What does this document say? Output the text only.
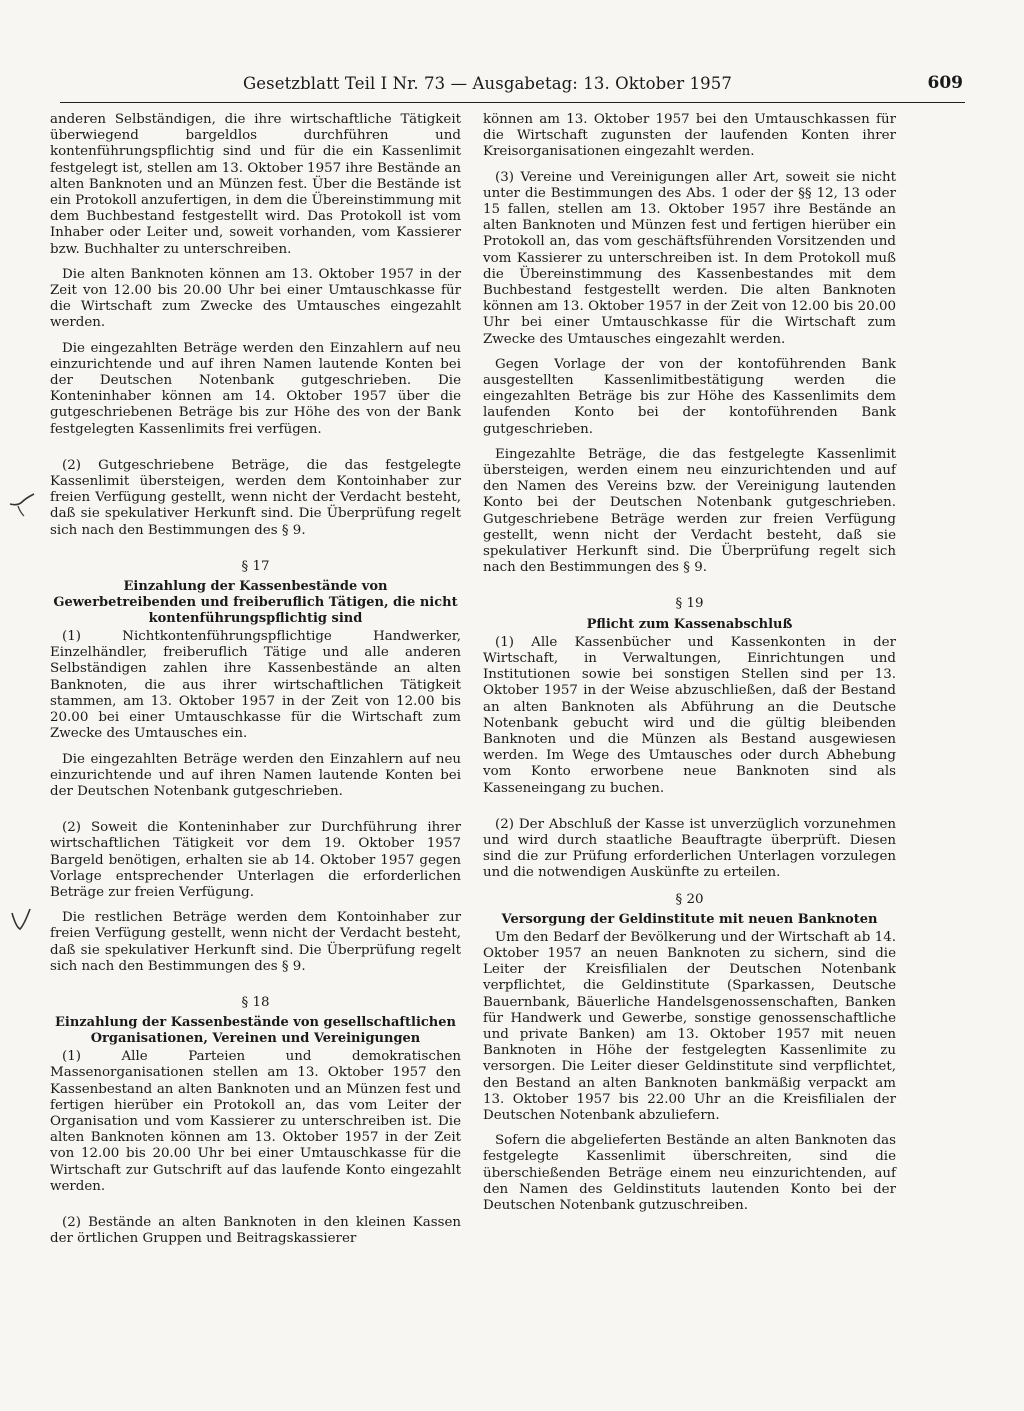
Gesetzblatt Teil I Nr. 73 — Ausgabetag: 13. Oktober 1957	609

anderen Selbständigen, die ihre wirtschaftliche Tätigkeit überwiegend bargeldlos durchführen und kontenführungspflichtig sind und für die ein Kassenlimit festgelegt ist, stellen am 13. Oktober 1957 ihre Bestände an alten Banknoten und an Münzen fest. Über die Bestände ist ein Protokoll anzufertigen, in dem die Übereinstimmung mit dem Buchbestand festgestellt wird. Das Protokoll ist vom Inhaber oder Leiter und, soweit vorhanden, vom Kassierer bzw. Buchhalter zu unterschreiben.

Die alten Banknoten können am 13. Oktober 1957 in der Zeit von 12.00 bis 20.00 Uhr bei einer Umtauschkasse für die Wirtschaft zum Zwecke des Umtausches eingezahlt werden.

Die eingezahlten Beträge werden den Einzahlern auf neu einzurichtende und auf ihren Namen lautende Konten bei der Deutschen Notenbank gutgeschrieben. Die Konteninhaber können am 14. Oktober 1957 über die gutgeschriebenen Beträge bis zur Höhe des von der Bank festgelegten Kassenlimits frei verfügen.

(2) Gutgeschriebene Beträge, die das festgelegte Kassenlimit übersteigen, werden dem Kontoinhaber zur freien Verfügung gestellt, wenn nicht der Verdacht besteht, daß sie spekulativer Herkunft sind. Die Überprüfung regelt sich nach den Bestimmungen des § 9.

§ 17
Einzahlung der Kassenbestände von Gewerbetreibenden und freiberuflich Tätigen, die nicht kontenführungspflichtig sind

(1) Nichtkontenführungspflichtige Handwerker, Einzelhändler, freiberuflich Tätige und alle anderen Selbständigen zahlen ihre Kassenbestände an alten Banknoten, die aus ihrer wirtschaftlichen Tätigkeit stammen, am 13. Oktober 1957 in der Zeit von 12.00 bis 20.00 bei einer Umtauschkasse für die Wirtschaft zum Zwecke des Umtausches ein.

Die eingezahlten Beträge werden den Einzahlern auf neu einzurichtende und auf ihren Namen lautende Konten bei der Deutschen Notenbank gutgeschrieben.

(2) Soweit die Konteninhaber zur Durchführung ihrer wirtschaftlichen Tätigkeit vor dem 19. Oktober 1957 Bargeld benötigen, erhalten sie ab 14. Oktober 1957 gegen Vorlage entsprechender Unterlagen die erforderlichen Beträge zur freien Verfügung.

Die restlichen Beträge werden dem Kontoinhaber zur freien Verfügung gestellt, wenn nicht der Verdacht besteht, daß sie spekulativer Herkunft sind. Die Überprüfung regelt sich nach den Bestimmungen des § 9.

§ 18
Einzahlung der Kassenbestände von gesellschaftlichen Organisationen, Vereinen und Vereinigungen

(1) Alle Parteien und demokratischen Massenorganisationen stellen am 13. Oktober 1957 den Kassenbestand an alten Banknoten und an Münzen fest und fertigen hierüber ein Protokoll an, das vom Leiter der Organisation und vom Kassierer zu unterschreiben ist. Die alten Banknoten können am 13. Oktober 1957 in der Zeit von 12.00 bis 20.00 Uhr bei einer Umtauschkasse für die Wirtschaft zur Gutschrift auf das laufende Konto eingezahlt werden.

(2) Bestände an alten Banknoten in den kleinen Kassen der örtlichen Gruppen und Beitragskassierer

können am 13. Oktober 1957 bei den Umtauschkassen für die Wirtschaft zugunsten der laufenden Konten ihrer Kreisorganisationen eingezahlt werden.

(3) Vereine und Vereinigungen aller Art, soweit sie nicht unter die Bestimmungen des Abs. 1 oder der §§ 12, 13 oder 15 fallen, stellen am 13. Oktober 1957 ihre Bestände an alten Banknoten und Münzen fest und fertigen hierüber ein Protokoll an, das vom geschäftsführenden Vorsitzenden und vom Kassierer zu unterschreiben ist. In dem Protokoll muß die Übereinstimmung des Kassenbestandes mit dem Buchbestand festgestellt werden. Die alten Banknoten können am 13. Oktober 1957 in der Zeit von 12.00 bis 20.00 Uhr bei einer Umtauschkasse für die Wirtschaft zum Zwecke des Umtausches eingezahlt werden.

Gegen Vorlage der von der kontoführenden Bank ausgestellten Kassenlimitbestätigung werden die eingezahlten Beträge bis zur Höhe des Kassenlimits dem laufenden Konto bei der kontoführenden Bank gutgeschrieben.

Eingezahlte Beträge, die das festgelegte Kassenlimit übersteigen, werden einem neu einzurichtenden und auf den Namen des Vereins bzw. der Vereinigung lautenden Konto bei der Deutschen Notenbank gutgeschrieben. Gutgeschriebene Beträge werden zur freien Verfügung gestellt, wenn nicht der Verdacht besteht, daß sie spekulativer Herkunft sind. Die Überprüfung regelt sich nach den Bestimmungen des § 9.

§ 19
Pflicht zum Kassenabschluß

(1) Alle Kassenbücher und Kassenkonten in der Wirtschaft, in Verwaltungen, Einrichtungen und Institutionen sowie bei sonstigen Stellen sind per 13. Oktober 1957 in der Weise abzuschließen, daß der Bestand an alten Banknoten als Abführung an die Deutsche Notenbank gebucht wird und die gültig bleibenden Banknoten und die Münzen als Bestand ausgewiesen werden. Im Wege des Umtausches oder durch Abhebung vom Konto erworbene neue Banknoten sind als Kasseneingang zu buchen.

(2) Der Abschluß der Kasse ist unverzüglich vorzunehmen und wird durch staatliche Beauftragte überprüft. Diesen sind die zur Prüfung erforderlichen Unterlagen vorzulegen und die notwendigen Auskünfte zu erteilen.

§ 20
Versorgung der Geldinstitute mit neuen Banknoten

Um den Bedarf der Bevölkerung und der Wirtschaft ab 14. Oktober 1957 an neuen Banknoten zu sichern, sind die Leiter der Kreisfilialen der Deutschen Notenbank verpflichtet, die Geldinstitute (Sparkassen, Deutsche Bauernbank, Bäuerliche Handelsgenossenschaften, Banken für Handwerk und Gewerbe, sonstige genossenschaftliche und private Banken) am 13. Oktober 1957 mit neuen Banknoten in Höhe der festgelegten Kassenlimite zu versorgen. Die Leiter dieser Geldinstitute sind verpflichtet, den Bestand an alten Banknoten bankmäßig verpackt am 13. Oktober 1957 bis 22.00 Uhr an die Kreisfilialen der Deutschen Notenbank abzuliefern.

Sofern die abgelieferten Bestände an alten Banknoten das festgelegte Kassenlimit überschreiten, sind die überschießenden Beträge einem neu einzurichtenden, auf den Namen des Geldinstituts lautenden Konto bei der Deutschen Notenbank gutzuschreiben.
